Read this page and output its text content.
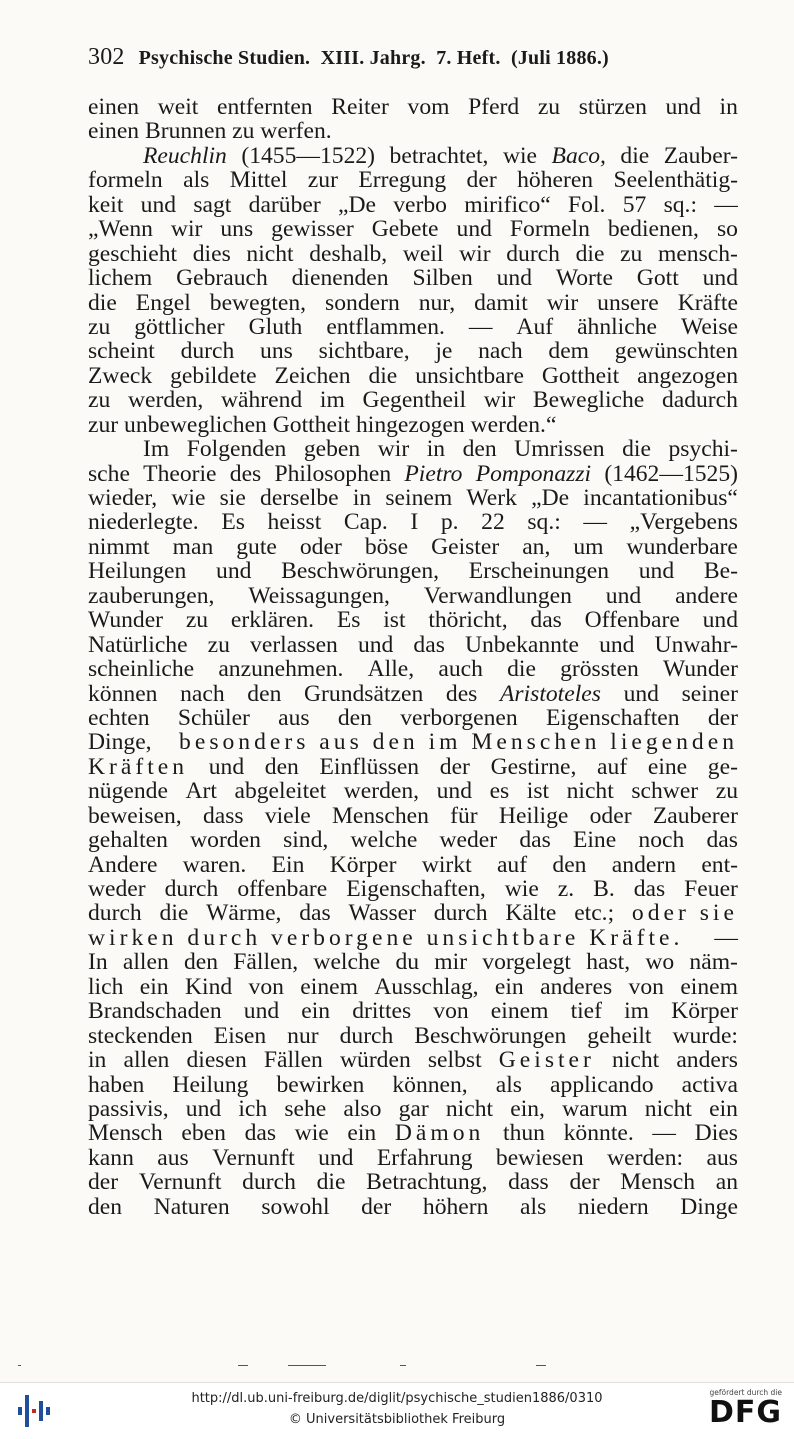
302 Psychische Studien.  XIII. Jahrg.  7. Heft.  (Juli 1886.)
einen weit entfernten Reiter vom Pferd zu stürzen und in
einen Brunnen zu werfen.
Reuchlin (1455—1522) betrachtet, wie Baco, die Zauber-
formeln als Mittel zur Erregung der höheren Seelenthätig-
keit und sagt darüber „De verbo mirifico“ Fol. 57 sq.: —
„Wenn wir uns gewisser Gebete und Formeln bedienen, so
geschieht dies nicht deshalb, weil wir durch die zu mensch-
lichem Gebrauch dienenden Silben und Worte Gott und
die Engel bewegten, sondern nur, damit wir unsere Kräfte
zu göttlicher Gluth entflammen. — Auf ähnliche Weise
scheint durch uns sichtbare, je nach dem gewünschten
Zweck gebildete Zeichen die unsichtbare Gottheit angezogen
zu werden, während im Gegentheil wir Bewegliche dadurch
zur unbeweglichen Gottheit hingezogen werden.“
Im Folgenden geben wir in den Umrissen die psychi-
sche Theorie des Philosophen Pietro Pomponazzi (1462—1525)
wieder, wie sie derselbe in seinem Werk „De incantationibus“
niederlegte. Es heisst Cap. I p. 22 sq.: — „Vergebens
nimmt man gute oder böse Geister an, um wunderbare
Heilungen und Beschwörungen, Erscheinungen und Be-
zauberungen, Weissagungen, Verwandlungen und andere
Wunder zu erklären. Es ist thöricht, das Offenbare und
Natürliche zu verlassen und das Unbekannte und Unwahr-
scheinliche anzunehmen. Alle, auch die grössten Wunder
können nach den Grundsätzen des Aristoteles und seiner
echten Schüler aus den verborgenen Eigenschaften der
Dinge, besonders aus den im Menschen liegenden
Kräften und den Einflüssen der Gestirne, auf eine ge-
nügende Art abgeleitet werden, und es ist nicht schwer zu
beweisen, dass viele Menschen für Heilige oder Zauberer
gehalten worden sind, welche weder das Eine noch das
Andere waren. Ein Körper wirkt auf den andern ent-
weder durch offenbare Eigenschaften, wie z. B. das Feuer
durch die Wärme, das Wasser durch Kälte etc.; oder sie
wirken durch verborgene unsichtbare Kräfte. —
In allen den Fällen, welche du mir vorgelegt hast, wo näm-
lich ein Kind von einem Ausschlag, ein anderes von einem
Brandschaden und ein drittes von einem tief im Körper
steckenden Eisen nur durch Beschwörungen geheilt wurde:
in allen diesen Fällen würden selbst Geister nicht anders
haben Heilung bewirken können, als applicando activa
passivis, und ich sehe also gar nicht ein, warum nicht ein
Mensch eben das wie ein Dämon thun könnte. — Dies
kann aus Vernunft und Erfahrung bewiesen werden: aus
der Vernunft durch die Betrachtung, dass der Mensch an
den Naturen sowohl der höhern als niedern Dinge
http://dl.ub.uni-freiburg.de/diglit/psychische_studien1886/0310
© Universitätsbibliothek Freiburg
gefördert durch die
DFG
